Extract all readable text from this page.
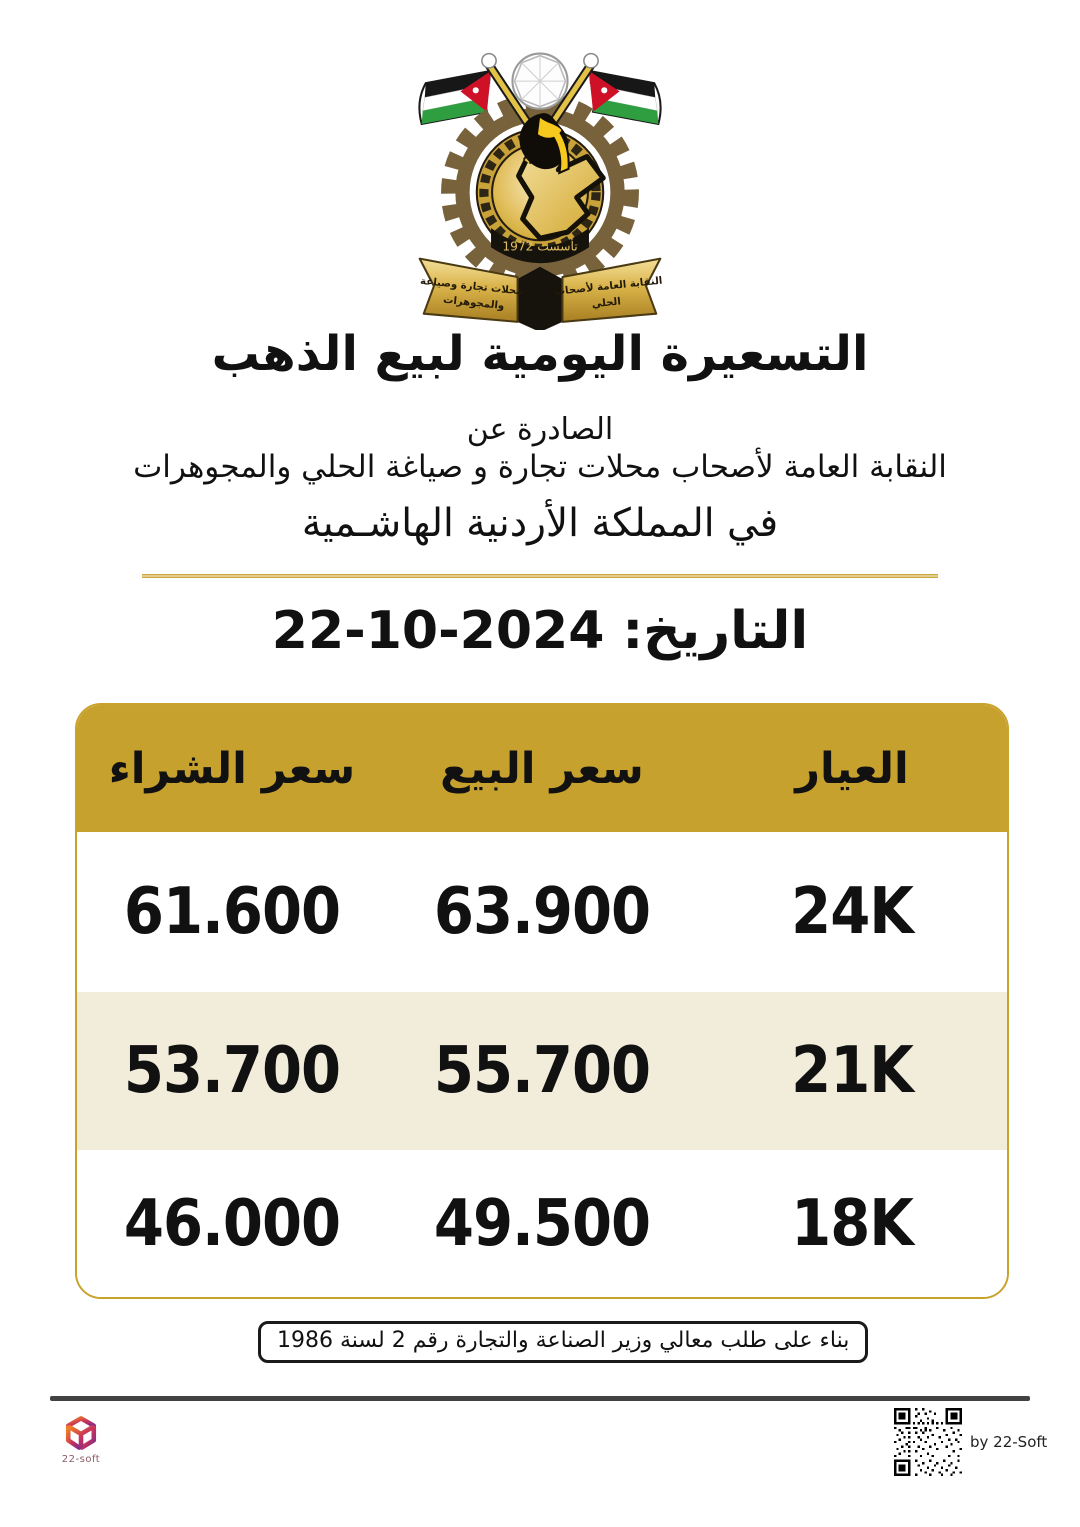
تأسست 1972
النقابة العامة لأصحاب
الحلي
محلات تجارة وصياغة
والمجوهرات
التسعيرة اليومية لبيع الذهب
الصادرة عن
النقابة العامة لأصحاب محلات تجارة و صياغة الحلي والمجوهرات
في المملكة الأردنية الهاشـمية
التاريخ:
22-10-2024
العيار
سعر البيع
سعر الشراء
24K
63.900
61.600
21K
55.700
53.700
18K
49.500
46.000
بناء على طلب معالي وزير الصناعة والتجارة رقم 2 لسنة 1986
22-soft
by 22-Soft
